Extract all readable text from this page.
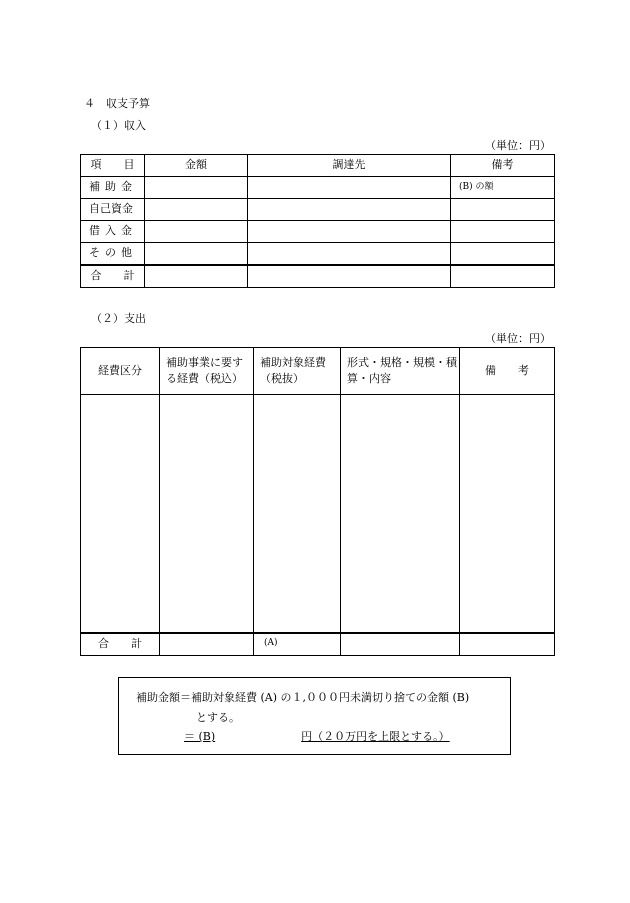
４　収支予算
（１）収入
（単位：円）
項　　目	金額	調達先	備考
補助金			(B) の額
自己資金			
借入金			
その他			
合　　計			
（２）支出
（単位：円）
経費区分	補助事業に要する経費（税込）	補助対象経費（税抜）	形式・規格・規模・積算・内容	備　　考

合　　計		(A)		
補助金額＝補助対象経費 (A) の１,０００円未満切り捨ての金額 (B)
とする。
＝ (B)	円（２０万円を上限とする。）
